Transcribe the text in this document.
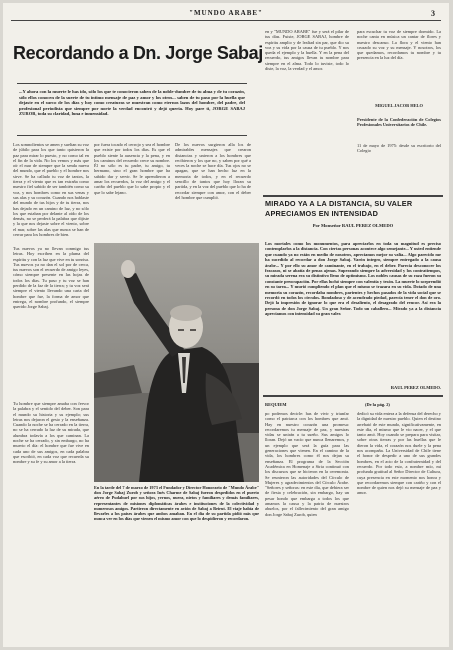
"MUNDO ARABE"	3
Recordando a Dn. Jorge Sabaj
...Y ahora con la muerte le has ido, sólo los que te conocieron saben de la noble-dumbre de tu alma y de tu corazón, sólo ellos conocen de la suerte de tu íntimo mensaje de paz y amor y los otros... saben de tu paso por la huella que dejaste en el surco de los días y hoy como creaturas se muestran como eternos lazos del hombre, del padre, del profesional periodista que siempre por norte la verdad encontró y dejó queria. Hoy pare ti, JORGE SABAJ ZUROB, toda su claridad, luna e inmensidad.
Los somnolientos se amen y sueltan su voz de júbilo para los que tanto quisieron la paz para mirar lo puesto, y no como tal en el fin de la vida. No los vemos y más que oír el mar de siempre que la senda nueva del mundo, que el pueblo y el hombre nos sirve. Se ha callado tu voz de tantos, la tierra y el viento que es tan extraña como nuestro fiel sabido de ser también como su voz, y nos hombres como en sus venas y sus alas y su corazón. Cuando nos hablaste del mundo de tus hijos y de tu tierra, nos has dejado en un camino de luz, y no sólo los que estaban por delante al oído de los demás, no se perderá la palabra que dijiste y la que nos dejaste sobre el viento, sobre el mar, sobre las alas que nunca se han de cerrar para los hombres de bien.
por fuera tocado el cerrojo y sea el hombre que existe por todos los días. Es que el pueblo siente la ausencia y la pena, y en los caminos del recuerdo crece su nombre. Él no sólo es tu padre, tu amigo, tu hermano, sino el gran hombre que ha sabido dar y servir. Se le aprendieron a amar los recuerdos, la voz del amigo y el cariño del pueblo que lo sabe propio y el que lo sabe lejano.
De los nuevos surgieron alla los de admirables mensajes que crearon distancias y unieron a los hombres que recibieron y los que no, y saben por qué a veces la noche se hace día. Tus ojos no se apagan, que se han hecho luz en la memoria de todos, y en el recuerdo sencillo de tantos que hoy lloran su partida, y en la voz del pueblo que lo ha de recordar siempre con amor, con el deber del hombre que cumplió.
Tus nuevos ya no llevan conmigo tus letras. Hoy escriben en la pluma del espíritu y con la luz que vive en tu sonrisa. Tus nuevos ya no dan el sol por de cerca, tus nuevos son el recuerdo de amigo leyes, cómo siempre presente en las hojas de todos los días. Tu paso y tu voz se han perdido de la faz de la tierra; y tu voz será siempre el viento llevando una carta del hombre que fue, la forma de amor que entrega, el nombre profundo, el siempre querido Jorge Sabaj.
Tu hombre que siempre amaba con fervor la palabra y el sentido del deber. Son para el mundo su historia y su ejemplo; sus letras nos dejaron el gesto y la enseñanza. Cuando la noche se ha cerrado en la tierra, no se ha cerrado la luz de su mirada, que alumbra todavía a los que caminan. La noche se ha cerrado, y sin embargo, no ha muerto el día: el hombre que fue vive en cada uno de sus amigos, en cada palabra que escribió, en cada voz que recuerda su nombre y su fe y su amor a la tierra.
en y "MUNDO ARABE" fue y será el pilar de tus días. Fuiste, JORGE SABAJ, hombre de espíritu amplio y de lealtad sin par, que dio su voz y su vida por la causa de tu pueblo. Y nos queda el ejemplo y la huella. Y en la pena del recuerdo, tus amigos llevan tu nombre para siempre en el alma. Todo lo tuviste, todo lo diste, la voz, la verdad y el amor.
para escuchar tu voz de siempre dormido. La noche canta en música un cantar de flores y nuestro descanso. La flora y el viento han cruzado su voz y su mensaje. Y nosotros, los que quedamos, recordamos tu nombre y tu presencia en la luz del día.
MIGUEL JACOB HELO
Presidente de la Confederación de Colegios Profesionales Universitarios de Chile.
11 de mayo de 1975: desde su escritorio del Colegio
En la tarde del 7 de marzo de 1973 el Fundador y Director Honorario de "Mundo Árabe" don Jorge Sabaj Zurob y señora Inés Charme de Sabaj fueron despedidos en el puerto aéreo de Pudahuel por sus hijos, yernos, nuera, nietos y familiares y demás familiares, representantes de misiones diplomáticas árabes e instituciones de la colectividad y numerosos amigos. Partieron directamente en avión de Sabaj a Beirut. El viaje había de llevarles a los países árabes que ambos amaban. En el día de su partida pidió más que nunca ver en los días que vienen el mismo amor con que lo despidieron y recordaron.
MIRADO YA A LA DISTANCIA, SU VALER APRECIAMOS EN INTENSIDAD
Por Monseñor RAUL PEREZ OLMEDO
Los mortales como los monumentos, para apreciarlos en toda su magnitud es preciso contemplarlos a la distancia. Con ciertas personas acontece algo semejante... Y usted entiende que cuando ya no están en medio de nosotros, apreciamos mejor su valía... Algo parecido me ha sucedido al recordar a don Jorge Sabaj. Varón íntegro, siempre entregado a la causa árabe... Y por ello su amor de caminante, en el trabajo, en el deber. Parecía desconocer los fracasos, ni se abatía de penas ajenas. Superando siempre la adversidad y los contratiempos, su mirada serena era su distintivo lleno de optimismo. Los nobles causas de su raza fueron su constante preocupación. Por ellas luchó siempre con valentía y tesón. La muerte lo sorprendió en su tarea... Y murió cumpliendo el plan que el mismo se trazara en su vida. Dotado de una memoria su corazón, recordaba nombres, parientes y hechos pasados de la vida social que se recordó en todos los círculos. Bondadoso y de acendrado piedad, parecía tener el don de oro. Dejó la impresión de ignorar lo que era el desaliento, el desagrado del rencor. Así era la persona de don Jorge Sabaj. Un gran Señor. Todo un caballero... Mirado ya a la distancia apreciamos con intensidad su gran valer.
RAUL PEREZ OLMEDO.
REQUIEM	(De la pág. 2)
po podemos decirle: has de vivir y triunfar como el patriarca con los hombres que amó. Hay en nuestro corazón una promesa: recordaremos tu mensaje de paz, y nuestras vidas se unirán a tu sueño. Sus amigos lo lloran. Dejó un vacío que nunca llenaremos, y un ejemplo que será la guía para las generaciones que vienen. En el camino de la vida, los hombres como él nos dejan su enseñanza. El programa de la Sección Académica en Homenaje a Siria continuó con los discursos que se hicieron en la ceremonia. Se reunieron las autoridades del Círculo de Mujeres y agradecimientos del Círculo Árabe. "Señores y señoras: en este día, que debiera ser de fiesta y celebración, sin embargo, hay un pesar hondo que embarga a todos los que amamos la causa y la patria de nuestros abuelos, por el fallecimiento del gran amigo don Jorge Sabaj Zurob, quien
dedicó su vida entera a la defensa del derecho y la dignidad de nuestro pueblo. Quien el destino arrebató de este mundo, significativamente, en este día, el mismo que le vio nacer, y el que tanto amó. Hoy cuando se prepara para visitar, sobre otras tierras y por las huellas que le dieron la vida, el corazón nos duele y la pena nos acompaña. La Universidad de Chile tiene el honor de despedir a uno de sus grandes hombres, en el acto de la confraternidad y del recuerdo. Por todo esto, a nombre mío, mi profunda gratitud al Señor Director de Cultura, cuya presencia en este momento nos honra y que recordaremos siempre con cariño y con el nombre de quien nos dejó su mensaje de paz y amor.
